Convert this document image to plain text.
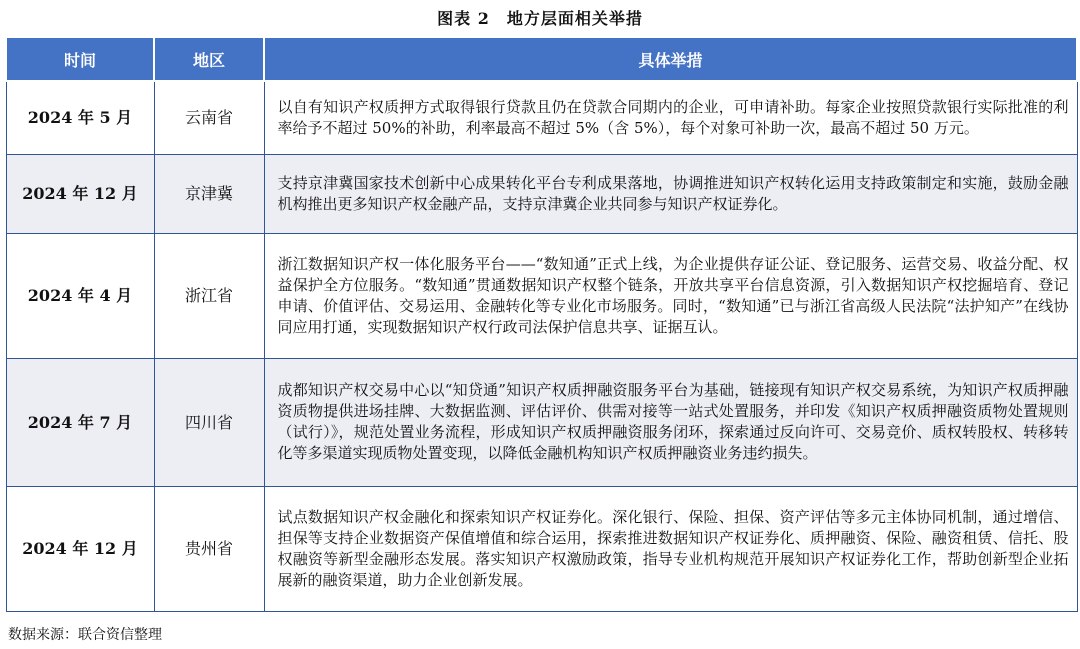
图表 2　地方层面相关举措
时间	地区	具体举措
2024 年 5 月	云南省	以自有知识产权质押方式取得银行贷款且仍在贷款合同期内的企业，可申请补助。每家企业按照贷款银行实际批准的利率给予不超过 50%的补助，利率最高不超过 5%（含 5%），每个对象可补助一次，最高不超过 50 万元。
2024 年 12 月	京津冀	支持京津冀国家技术创新中心成果转化平台专利成果落地，协调推进知识产权转化运用支持政策制定和实施，鼓励金融机构推出更多知识产权金融产品，支持京津冀企业共同参与知识产权证券化。
2024 年 4 月	浙江省	浙江数据知识产权一体化服务平台——“数知通”正式上线，为企业提供存证公证、登记服务、运营交易、收益分配、权益保护全方位服务。“数知通”贯通数据知识产权整个链条，开放共享平台信息资源，引入数据知识产权挖掘培育、登记申请、价值评估、交易运用、金融转化等专业化市场服务。同时，“数知通”已与浙江省高级人民法院“法护知产”在线协同应用打通，实现数据知识产权行政司法保护信息共享、证据互认。
2024 年 7 月	四川省	成都知识产权交易中心以“知贷通”知识产权质押融资服务平台为基础，链接现有知识产权交易系统，为知识产权质押融资质物提供进场挂牌、大数据监测、评估评价、供需对接等一站式处置服务，并印发《知识产权质押融资质物处置规则（试行）》，规范处置业务流程，形成知识产权质押融资服务闭环，探索通过反向许可、交易竞价、质权转股权、转移转化等多渠道实现质物处置变现，以降低金融机构知识产权质押融资业务违约损失。
2024 年 12 月	贵州省	试点数据知识产权金融化和探索知识产权证券化。深化银行、保险、担保、资产评估等多元主体协同机制，通过增信、担保等支持企业数据资产保值增值和综合运用，探索推进数据知识产权证券化、质押融资、保险、融资租赁、信托、股权融资等新型金融形态发展。落实知识产权激励政策，指导专业机构规范开展知识产权证券化工作，帮助创新型企业拓展新的融资渠道，助力企业创新发展。
数据来源：联合资信整理
